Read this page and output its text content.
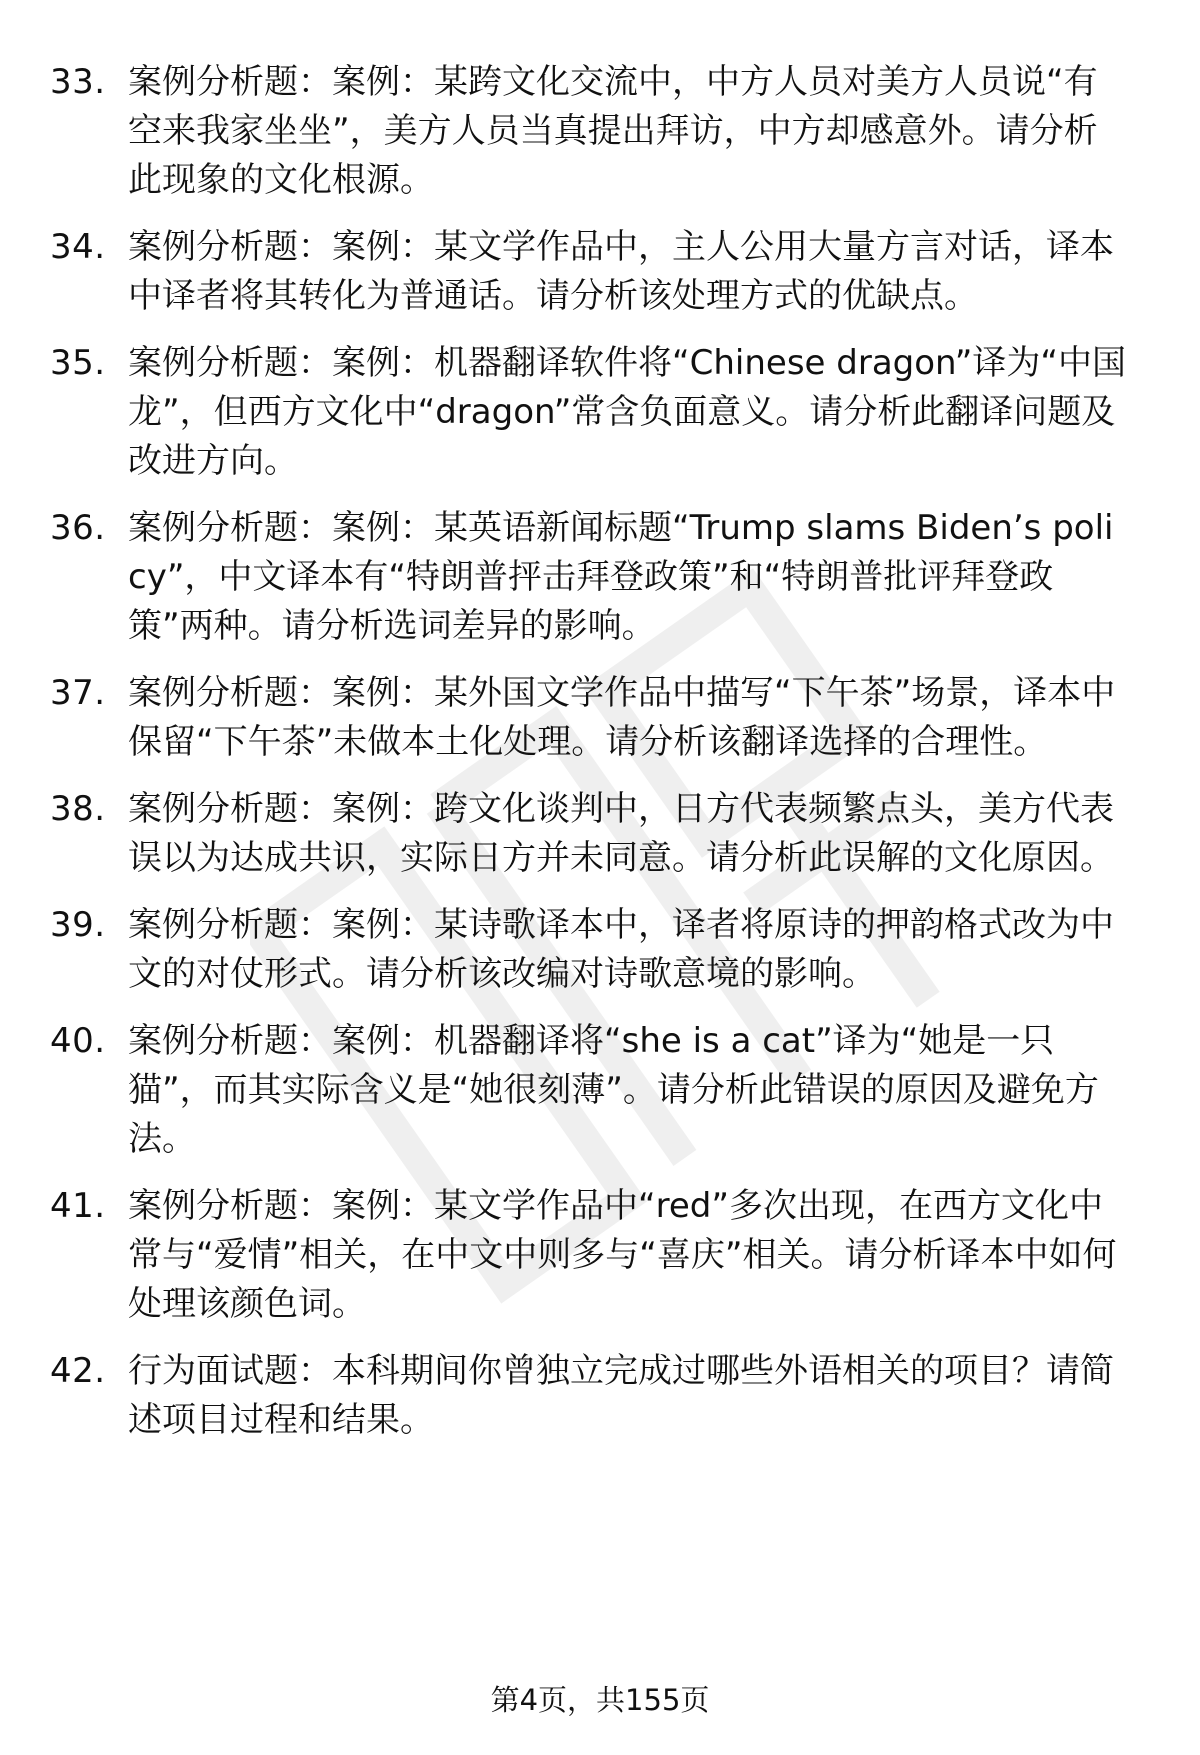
33. 案例分析题：案例：某跨文化交流中，中方人员对美方人员说“有空来我家坐坐”，美方人员当真提出拜访，中方却感意外。请分析此现象的文化根源。

34. 案例分析题：案例：某文学作品中，主人公用大量方言对话，译本中译者将其转化为普通话。请分析该处理方式的优缺点。

35. 案例分析题：案例：机器翻译软件将“Chinese dragon”译为“中国龙”，但西方文化中“dragon”常含负面意义。请分析此翻译问题及改进方向。

36. 案例分析题：案例：某英语新闻标题“Trump slams Biden’s policy”，中文译本有“特朗普抨击拜登政策”和“特朗普批评拜登政策”两种。请分析选词差异的影响。

37. 案例分析题：案例：某外国文学作品中描写“下午茶”场景，译本中保留“下午茶”未做本土化处理。请分析该翻译选择的合理性。

38. 案例分析题：案例：跨文化谈判中，日方代表频繁点头，美方代表误以为达成共识，实际日方并未同意。请分析此误解的文化原因。

39. 案例分析题：案例：某诗歌译本中，译者将原诗的押韵格式改为中文的对仗形式。请分析该改编对诗歌意境的影响。

40. 案例分析题：案例：机器翻译将“she is a cat”译为“她是一只猫”，而其实际含义是“她很刻薄”。请分析此错误的原因及避免方法。

41. 案例分析题：案例：某文学作品中“red”多次出现，在西方文化中常与“爱情”相关，在中文中则多与“喜庆”相关。请分析译本中如何处理该颜色词。

42. 行为面试题：本科期间你曾独立完成过哪些外语相关的项目？请简述项目过程和结果。

第4页，共155页
